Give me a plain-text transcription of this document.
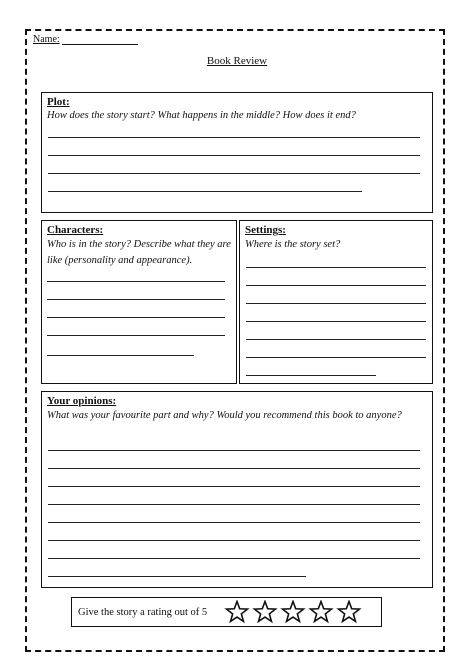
Name:
Book Review
Plot:
How does the story start? What happens in the middle? How does it end?
Characters:
Who is in the story? Describe what they are like (personality and appearance).
Settings:
Where is the story set?
Your opinions:
What was your favourite part and why? Would you recommend this book to anyone?
Give the story a rating out of 5
